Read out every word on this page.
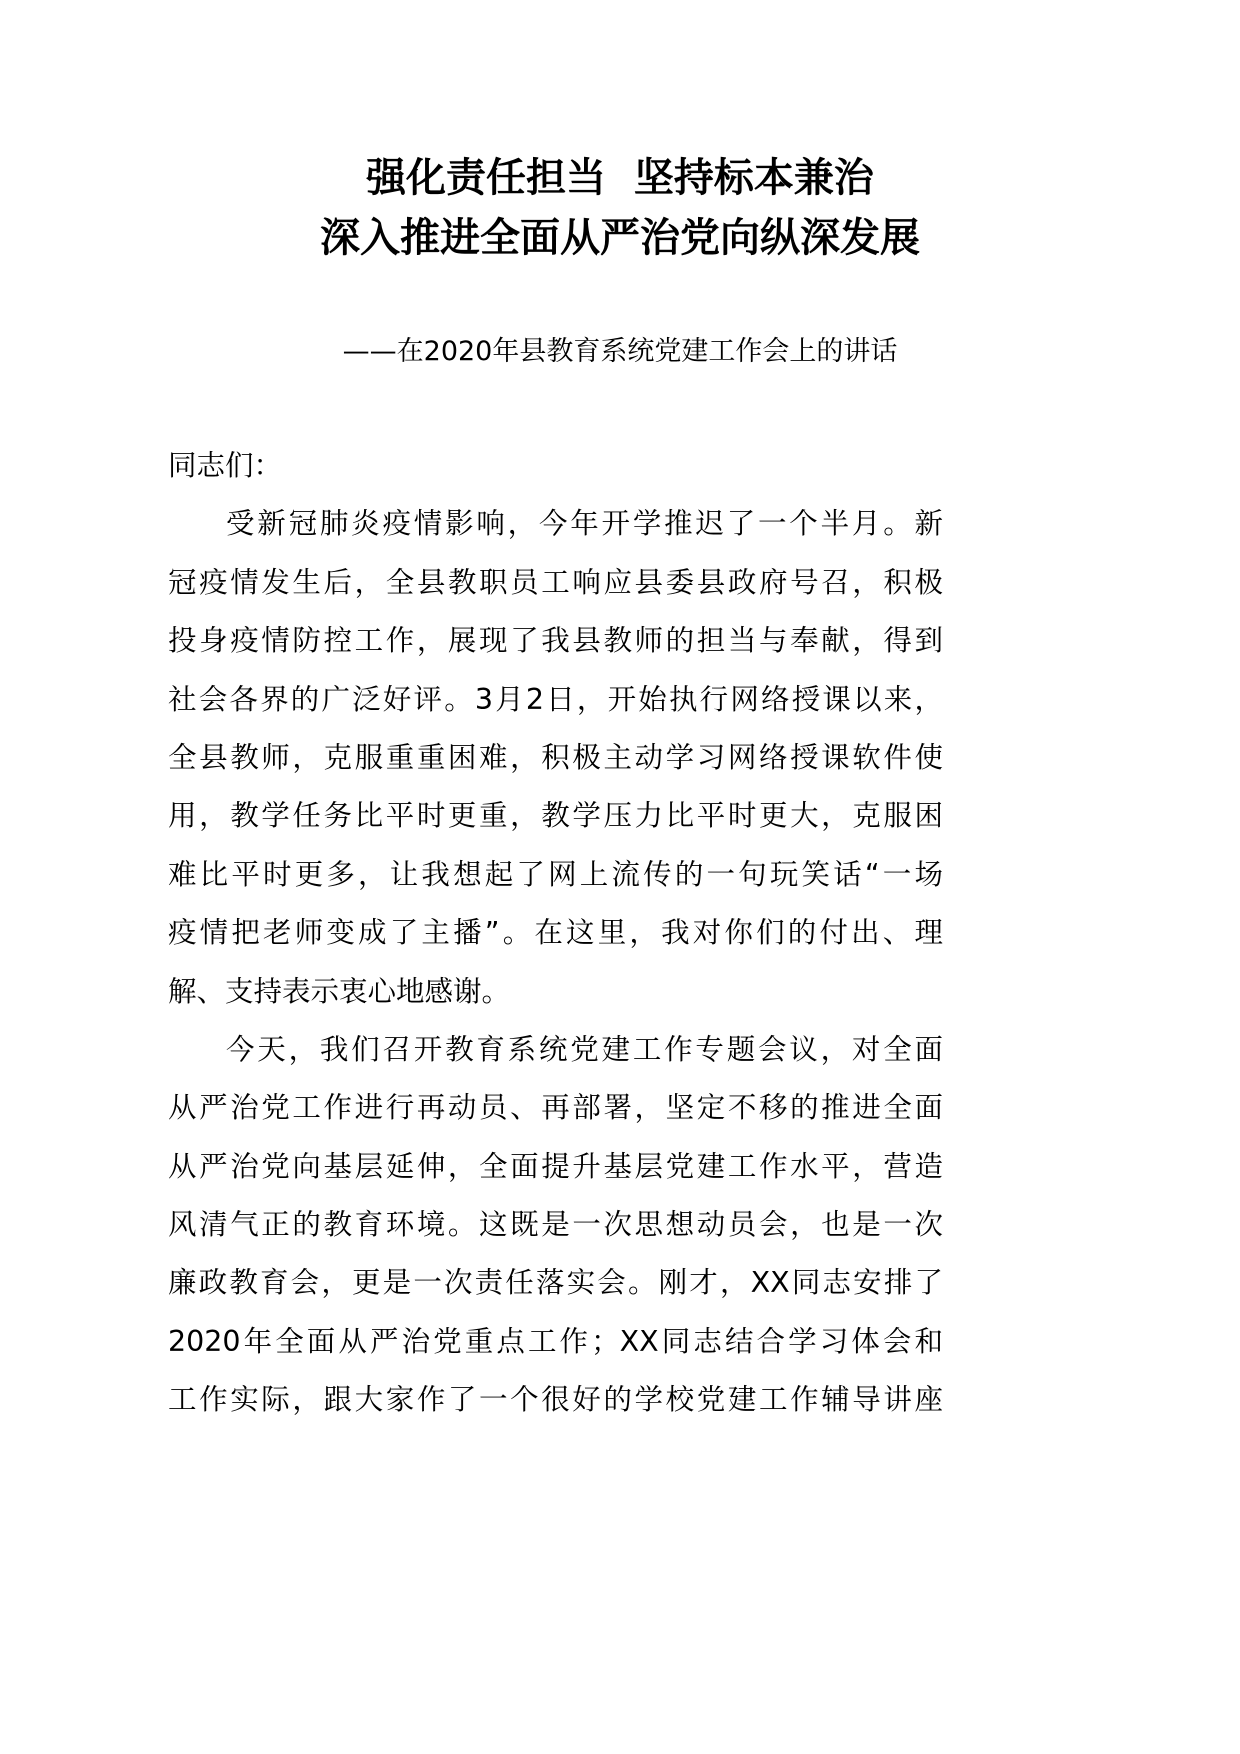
强化责任担当  坚持标本兼治
深入推进全面从严治党向纵深发展
——在2020年县教育系统党建工作会上的讲话
同志们：
受新冠肺炎疫情影响，今年开学推迟了一个半月。新
冠疫情发生后，全县教职员工响应县委县政府号召，积极
投身疫情防控工作，展现了我县教师的担当与奉献，得到
社会各界的广泛好评。3月2日，开始执行网络授课以来，
全县教师，克服重重困难，积极主动学习网络授课软件使
用，教学任务比平时更重，教学压力比平时更大，克服困
难比平时更多，让我想起了网上流传的一句玩笑话“一场
疫情把老师变成了主播”。在这里，我对你们的付出、理
解、支持表示衷心地感谢。
今天，我们召开教育系统党建工作专题会议，对全面
从严治党工作进行再动员、再部署，坚定不移的推进全面
从严治党向基层延伸，全面提升基层党建工作水平，营造
风清气正的教育环境。这既是一次思想动员会，也是一次
廉政教育会，更是一次责任落实会。刚才，XX同志安排了
2020年全面从严治党重点工作；XX同志结合学习体会和
工作实际，跟大家作了一个很好的学校党建工作辅导讲座
